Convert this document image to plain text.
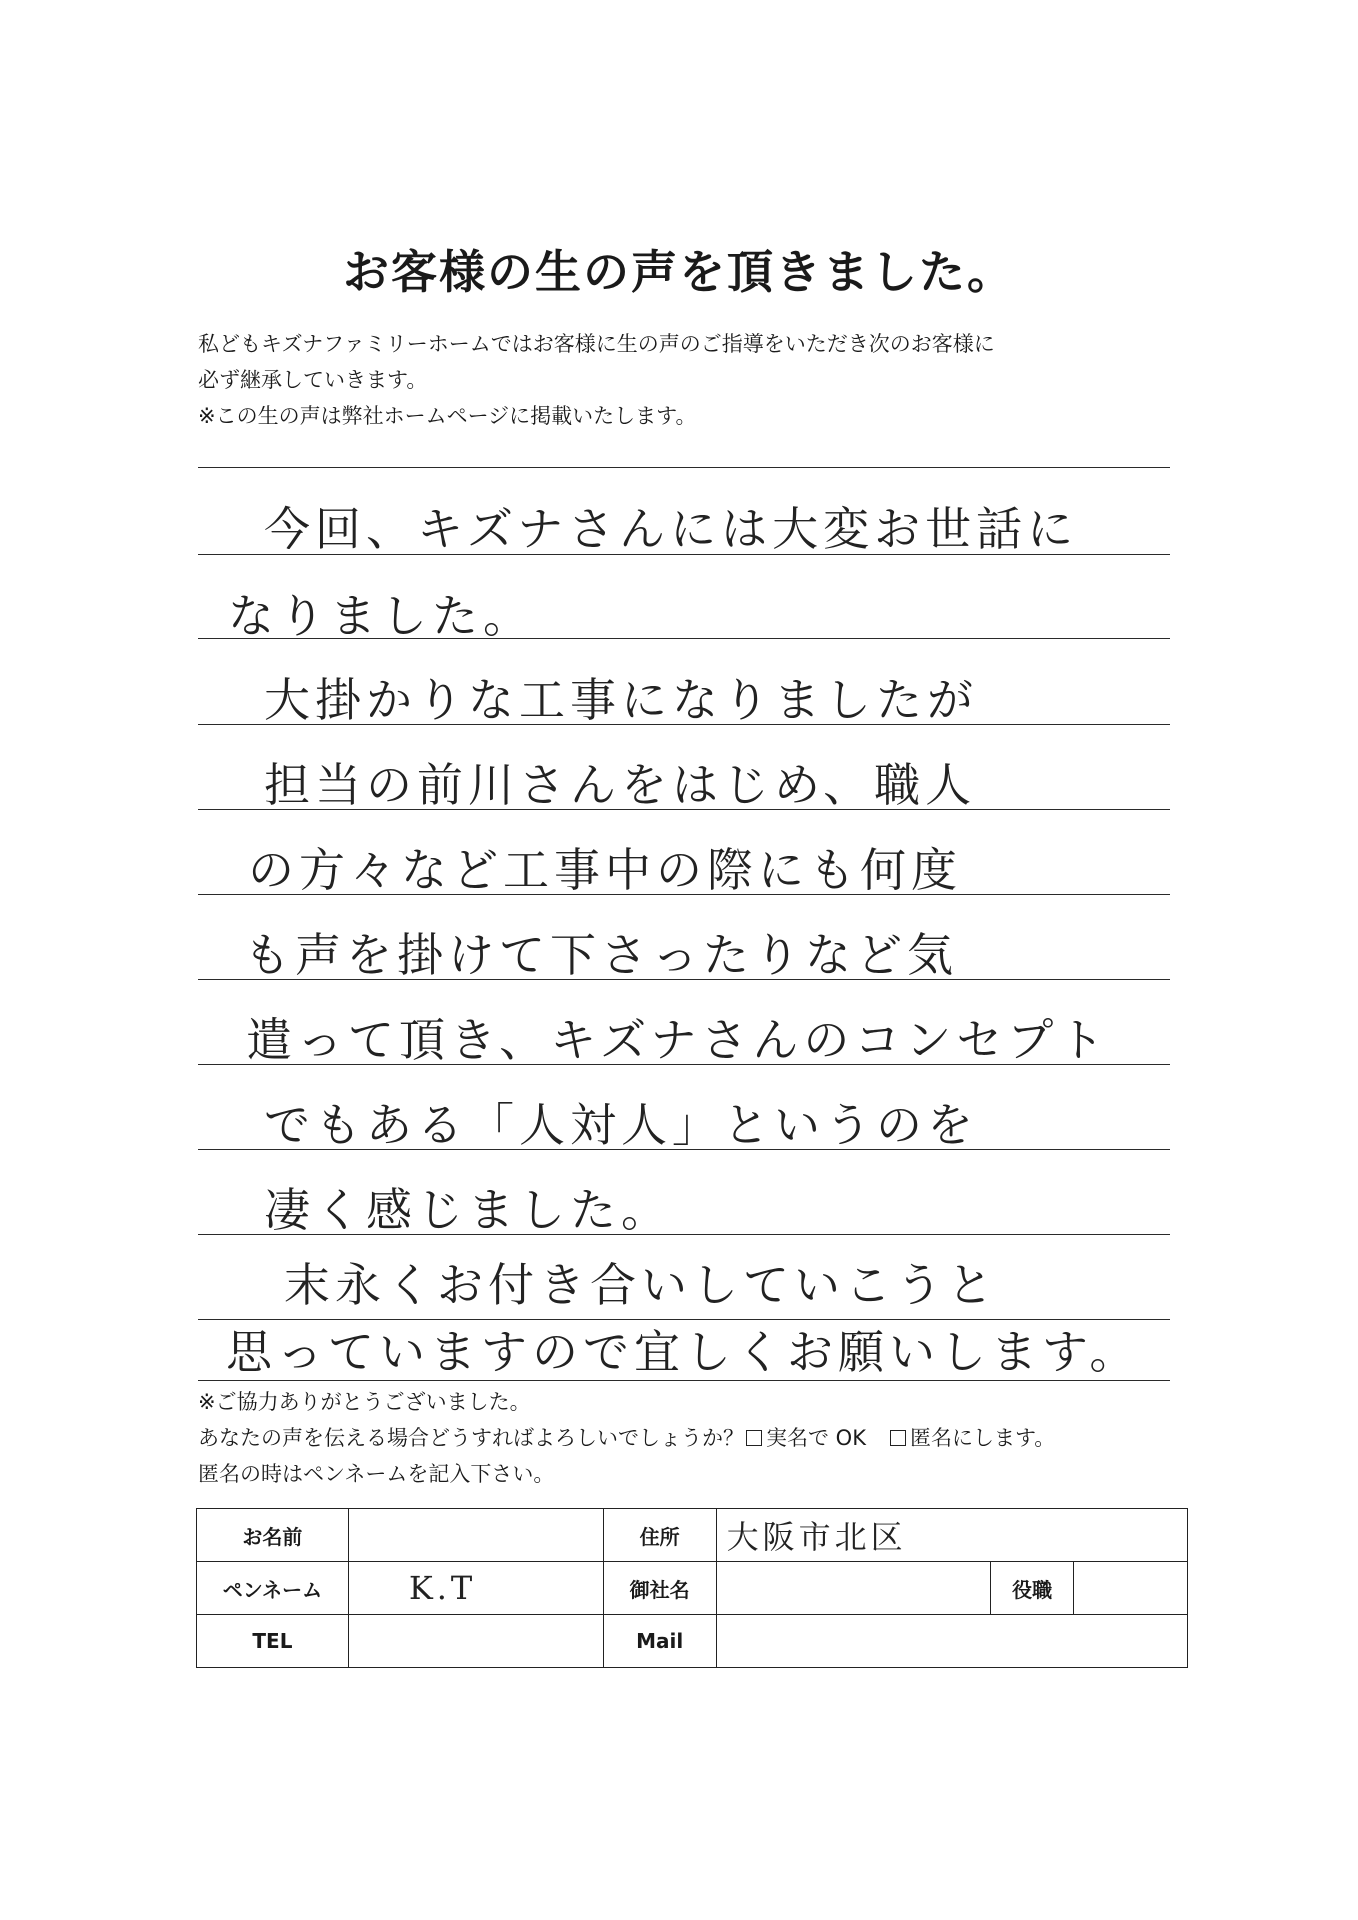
お客様の生の声を頂きました。
私どもキズナファミリーホームではお客様に生の声のご指導をいただき次のお客様に
必ず継承していきます。
※この生の声は弊社ホームページに掲載いたします。
今回、キズナさんには大変お世話に
なりました。
大掛かりな工事になりましたが
担当の前川さんをはじめ、職人
の方々など工事中の際にも何度
も声を掛けて下さったりなど気
遣って頂き、キズナさんのコンセプト
でもある「人対人」というのを
凄く感じました。
末永くお付き合いしていこうと
思っていますので宜しくお願いします。
※ご協力ありがとうございました。
あなたの声を伝える場合どうすればよろしいでしょうか？ 実名で OK 匿名にします。
匿名の時はペンネームを記入下さい。
お名前		住所	大阪市北区		
ペンネーム	K.T	御社名		役職	
TEL		Mail			
